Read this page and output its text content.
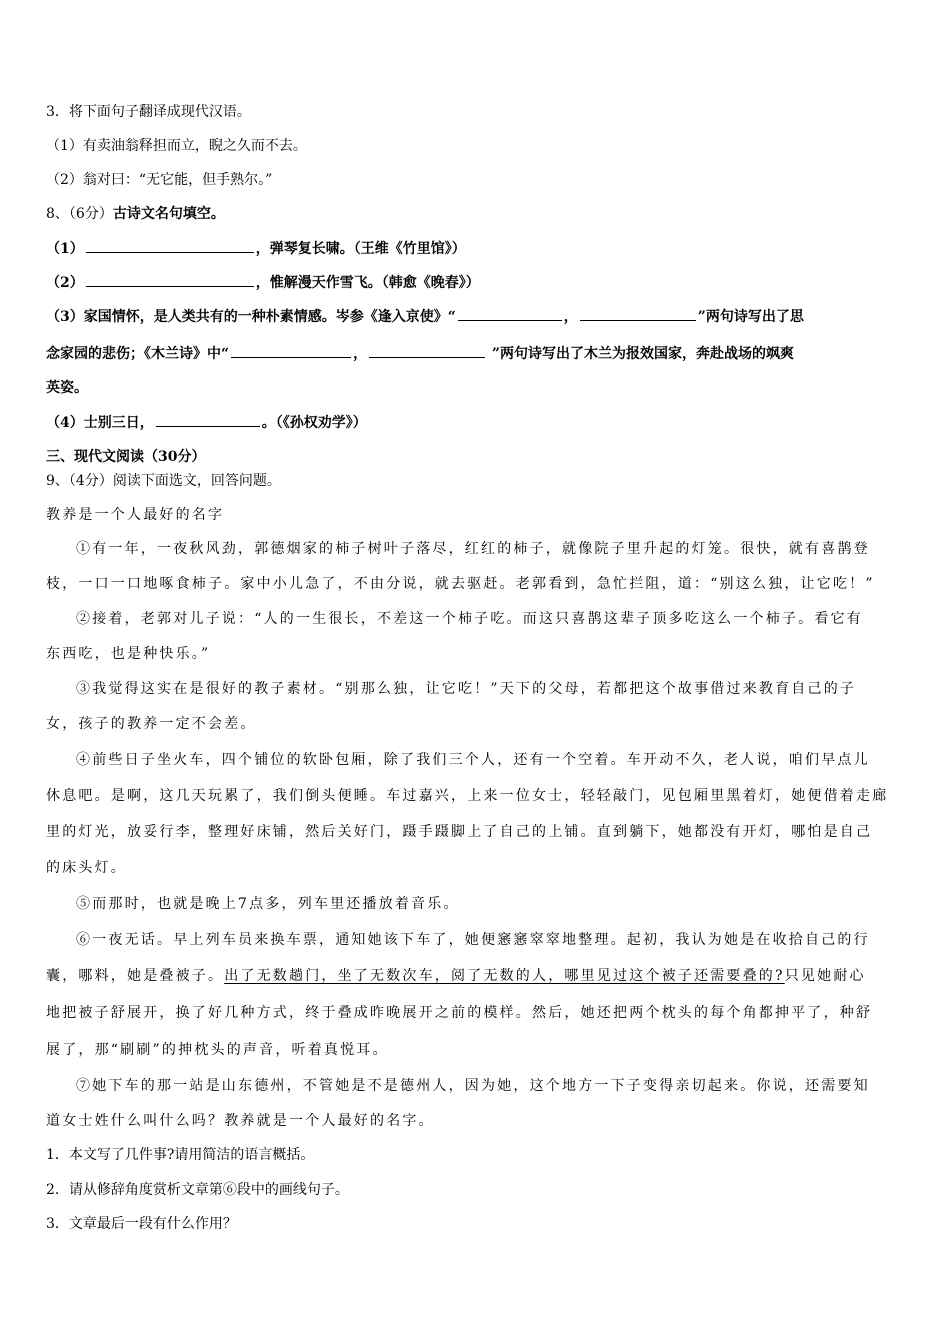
3．将下面句子翻译成现代汉语。
（1）有卖油翁释担而立，睨之久而不去。
（2）翁对曰：“无它能，但手熟尔。”
8、（6分）古诗文名句填空。
（1）	，弹琴复长啸。（王维《竹里馆》）
（2）	，惟解漫天作雪飞。（韩愈《晚春》）
（3）家国情怀，是人类共有的一种朴素情感。岑参《逢入京使》“	，	”两句诗写出了思
念家园的悲伤；《木兰诗》中“	，	”两句诗写出了木兰为报效国家，奔赴战场的飒爽
英姿。
（4）士别三日，	。（《孙权劝学》）
三、现代文阅读（30分）
9、（4分）阅读下面选文，回答问题。
教养是一个人最好的名字
①有一年，一夜秋风劲，郭德烟家的柿子树叶子落尽，红红的柿子，就像院子里升起的灯笼。很快，就有喜鹊登
枝，一口一口地啄食柿子。家中小儿急了，不由分说，就去驱赶。老郭看到，急忙拦阻，道：“别这么独，让它吃！”
②接着，老郭对儿子说：“人的一生很长，不差这一个柿子吃。而这只喜鹊这辈子顶多吃这么一个柿子。看它有
东西吃，也是种快乐。”
③我觉得这实在是很好的教子素材。“别那么独，让它吃！”天下的父母，若都把这个故事借过来教育自己的子
女，孩子的教养一定不会差。
④前些日子坐火车，四个铺位的软卧包厢，除了我们三个人，还有一个空着。车开动不久，老人说，咱们早点儿
休息吧。是啊，这几天玩累了，我们倒头便睡。车过嘉兴，上来一位女士，轻轻敲门，见包厢里黑着灯，她便借着走廊
里的灯光，放妥行李，整理好床铺，然后关好门，蹑手蹑脚上了自己的上铺。直到躺下，她都没有开灯，哪怕是自己
的床头灯。
⑤而那时，也就是晚上7点多，列车里还播放着音乐。
⑥一夜无话。早上列车员来换车票，通知她该下车了，她便窸窸窣窣地整理。起初，我认为她是在收拾自己的行
囊，哪料，她是叠被子。出了无数趟门，坐了无数次车，阅了无数的人，哪里见过这个被子还需要叠的?只见她耐心
地把被子舒展开，换了好几种方式，终于叠成昨晚展开之前的模样。然后，她还把两个枕头的每个角都抻平了，种舒
展了，那“刷刷”的抻枕头的声音，听着真悦耳。
⑦她下车的那一站是山东德州，不管她是不是德州人，因为她，这个地方一下子变得亲切起来。你说，还需要知
道女士姓什么叫什么吗？教养就是一个人最好的名字。
1．本文写了几件事?请用简洁的语言概括。
2．请从修辞角度赏析文章第⑥段中的画线句子。
3．文章最后一段有什么作用？
